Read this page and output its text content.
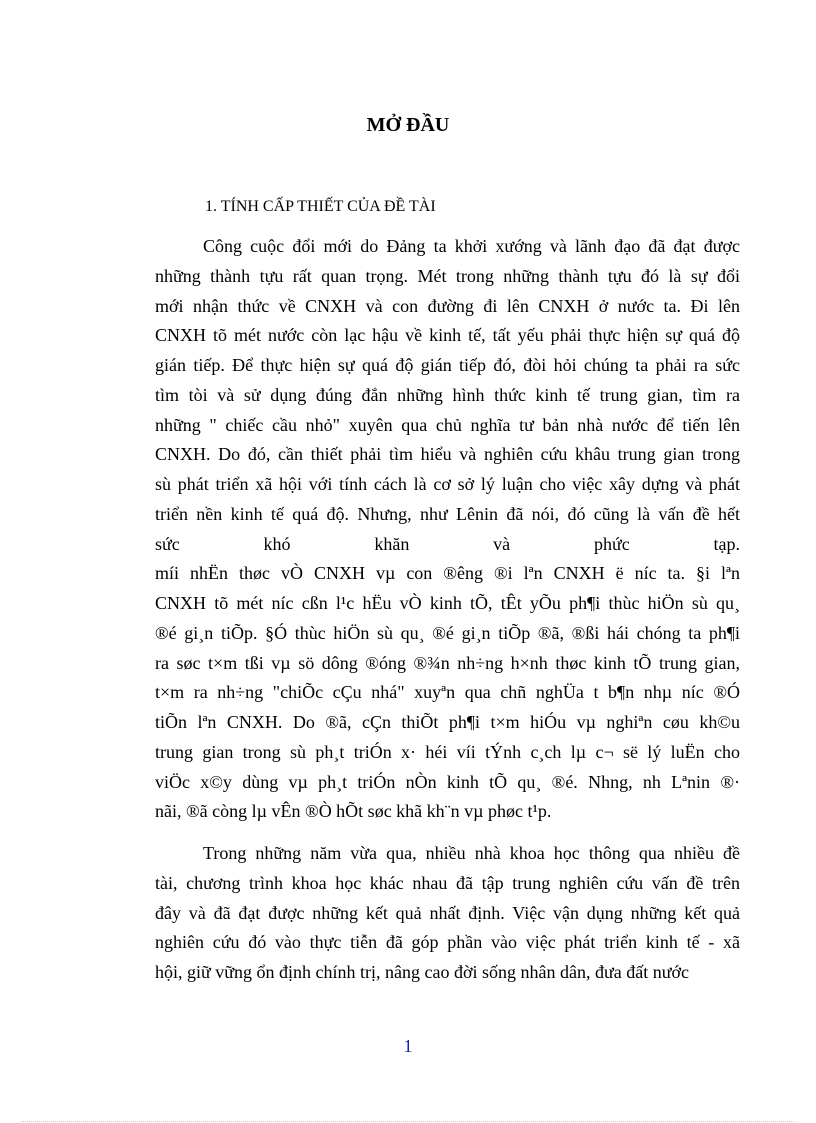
MỞ ĐẦU

1. TÍNH CẤP THIẾT CỦA ĐỀ TÀI

Công cuộc đổi mới do Đảng ta khởi xướng và lãnh đạo đã đạt được
những thành tựu rất quan trọng. Mét trong những thành tựu đó là sự đổi
mới nhận thức về CNXH và con đường đi lên CNXH ở nước ta. Đi lên
CNXH tõ mét nước còn lạc hậu về kinh tế, tất yếu phải thực hiện sự quá độ
gián tiếp. Để thực hiện sự quá độ gián tiếp đó, đòi hỏi chúng ta phải ra sức
tìm tòi và sử dụng đúng đắn những hình thức kinh tế trung gian, tìm ra
những " chiếc cầu nhỏ" xuyên qua chủ nghĩa tư bản nhà nước để tiến lên
CNXH. Do đó, cần thiết phải tìm hiểu và nghiên cứu khâu trung gian trong
sù phát triển xã hội với tính cách là cơ sở lý luận cho việc xây dựng và phát
triển nền kinh tế quá độ. Nhưng, như Lênin đã nói, đó cũng là vấn đề hết
sức khó khăn và phức tạp.
míi nhËn thøc vÒ CNXH vµ con ®êng ®i lªn CNXH ë níc ta. §i lªn
CNXH tõ mét níc cßn l¹c hËu vÒ kinh tÕ, tÊt yÕu ph¶i thùc hiÖn sù qu¸
®é gi¸n tiÕp. §Ó thùc hiÖn sù qu¸ ®é gi¸n tiÕp ®ã, ®ßi hái chóng ta ph¶i
ra søc t×m tßi vµ sö dông ®óng ®¾n nh÷ng h×nh thøc kinh tÕ trung gian,
t×m ra nh÷ng "chiÕc cÇu nhá" xuyªn qua chñ nghÜa t b¶n nhµ níc ®Ó
tiÕn lªn CNXH. Do ®ã, cÇn thiÕt ph¶i t×m hiÓu vµ nghiªn cøu kh©u
trung gian trong sù ph¸t triÓn x· héi víi tÝnh c¸ch lµ c¬ së lý luËn cho
viÖc x©y dùng vµ ph¸t triÓn nÒn kinh tÕ qu¸ ®é. Nhng, nh Lªnin ®·
nãi, ®ã còng lµ vÊn ®Ò hÕt søc khã kh¨n vµ phøc t¹p.
Trong những năm vừa qua, nhiều nhà khoa học thông qua nhiều đề
tài, chương trình khoa học khác nhau đã tập trung nghiên cứu vấn đề trên
đây và đã đạt được những kết quả nhất định. Việc vận dụng những kết quả
nghiên cứu đó vào thực tiễn đã góp phần vào việc phát triển kinh tế - xã
hội, giữ vững ổn định chính trị, nâng cao đời sống nhân dân, đưa đất nước
1
